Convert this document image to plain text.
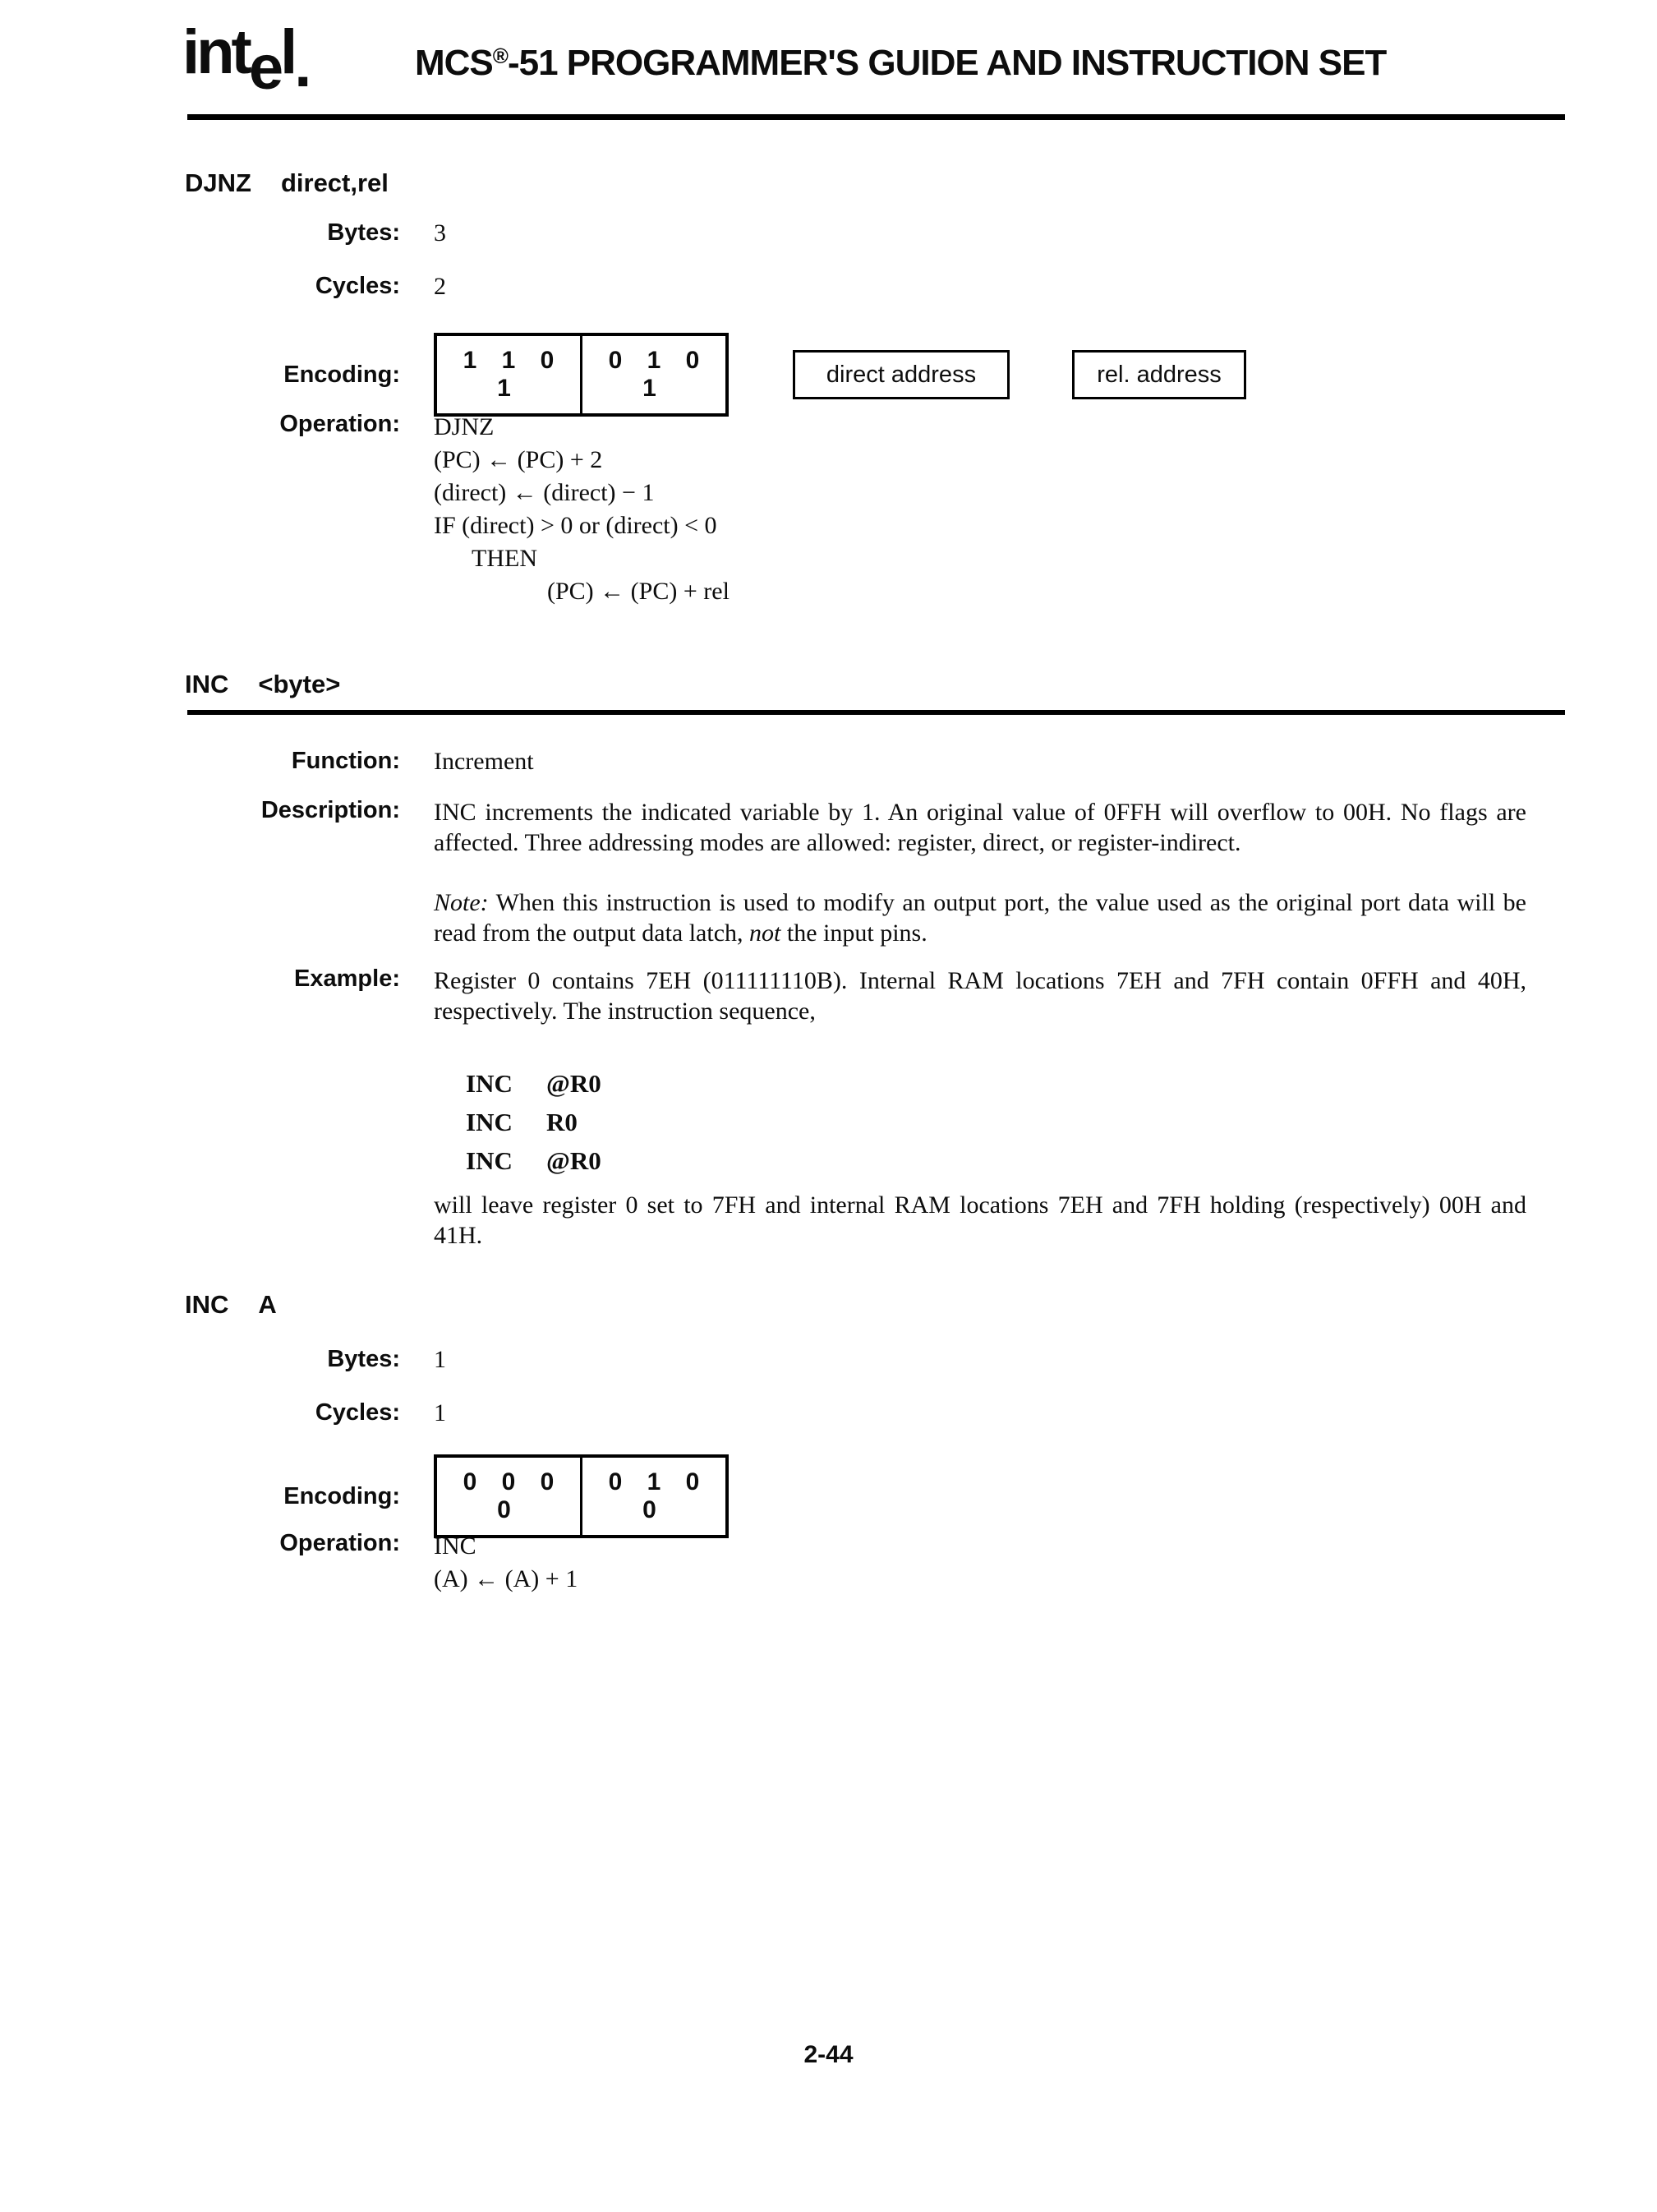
intel.	MCS®-51 PROGRAMMER'S GUIDE AND INSTRUCTION SET
DJNZ direct,rel
Bytes: 3
Cycles: 2
Encoding:
1 1 0 1
0 1 0 1
direct address	rel. address
Operation: DJNZ
(PC) ← (PC) + 2
(direct) ← (direct) − 1
IF (direct) > 0 or (direct) < 0
THEN
(PC) ← (PC) + rel
INC <byte>
Function: Increment
Description: INC increments the indicated variable by 1. An original value of 0FFH will overflow to 00H. No flags are affected. Three addressing modes are allowed: register, direct, or register-indirect.
Note: When this instruction is used to modify an output port, the value used as the original port data will be read from the output data latch, not the input pins.
Example: Register 0 contains 7EH (011111110B). Internal RAM locations 7EH and 7FH contain 0FFH and 40H, respectively. The instruction sequence,
INC @R0
INC R0
INC @R0
will leave register 0 set to 7FH and internal RAM locations 7EH and 7FH holding (respectively) 00H and 41H.
INC A
Bytes: 1
Cycles: 1
Encoding:
0 0 0 0
0 1 0 0
Operation: INC
(A) ← (A) + 1
2-44
